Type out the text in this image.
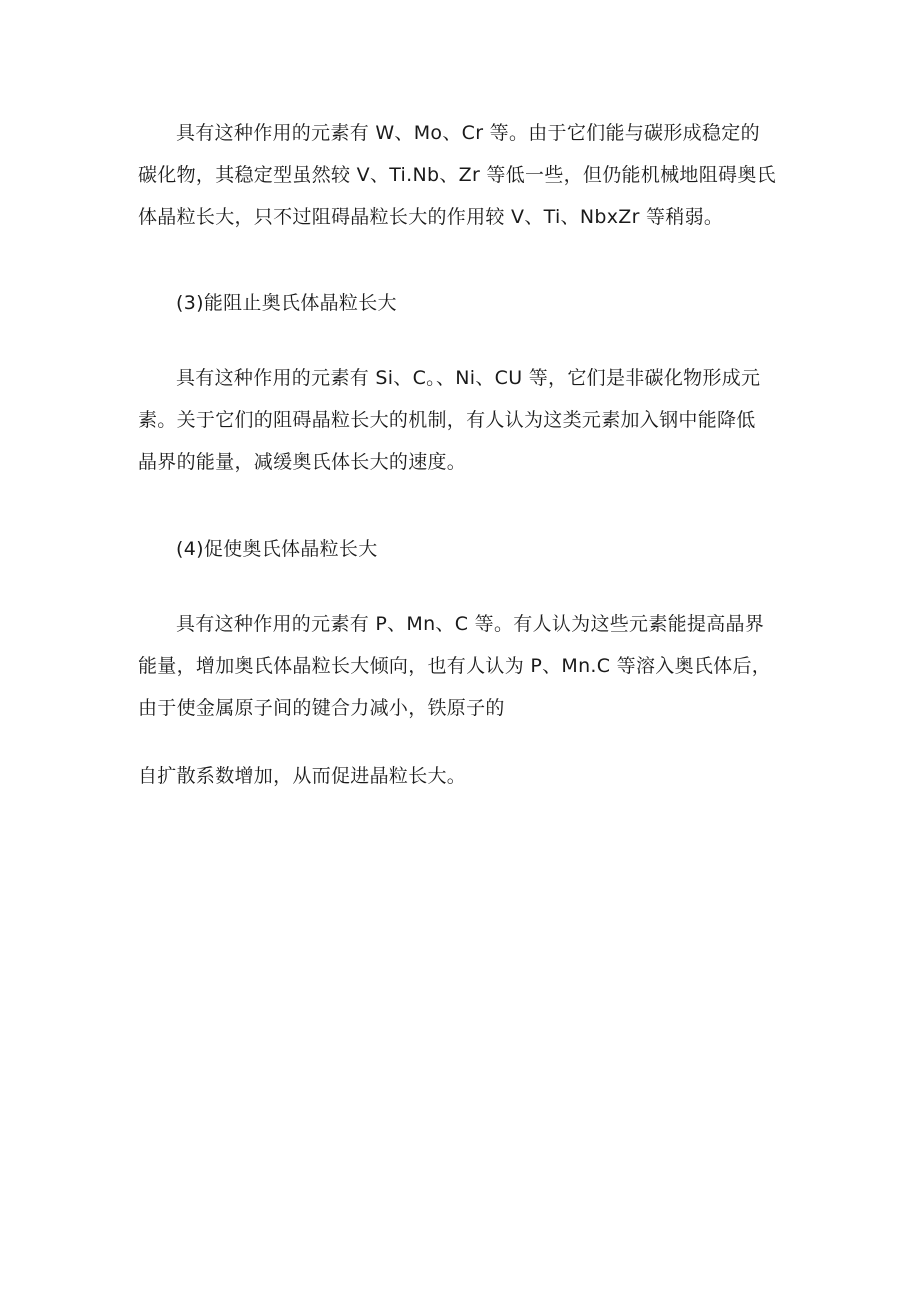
具有这种作用的元素有 W、Mo、Cr 等。由于它们能与碳形成稳定的
碳化物，其稳定型虽然较 V、Ti.Nb、Zr 等低一些，但仍能机械地阻碍奥氏
体晶粒长大，只不过阻碍晶粒长大的作用较 V、Ti、NbxZr 等稍弱。

(3)能阻止奥氏体晶粒长大

具有这种作用的元素有 Si、C。、Ni、CU 等，它们是非碳化物形成元
素。关于它们的阻碍晶粒长大的机制，有人认为这类元素加入钢中能降低
晶界的能量，减缓奥氏体长大的速度。

(4)促使奥氏体晶粒长大

具有这种作用的元素有 P、Mn、C 等。有人认为这些元素能提高晶界
能量，增加奥氏体晶粒长大倾向，也有人认为 P、Mn.C 等溶入奥氏体后，
由于使金属原子间的键合力减小，铁原子的

自扩散系数增加，从而促进晶粒长大。
